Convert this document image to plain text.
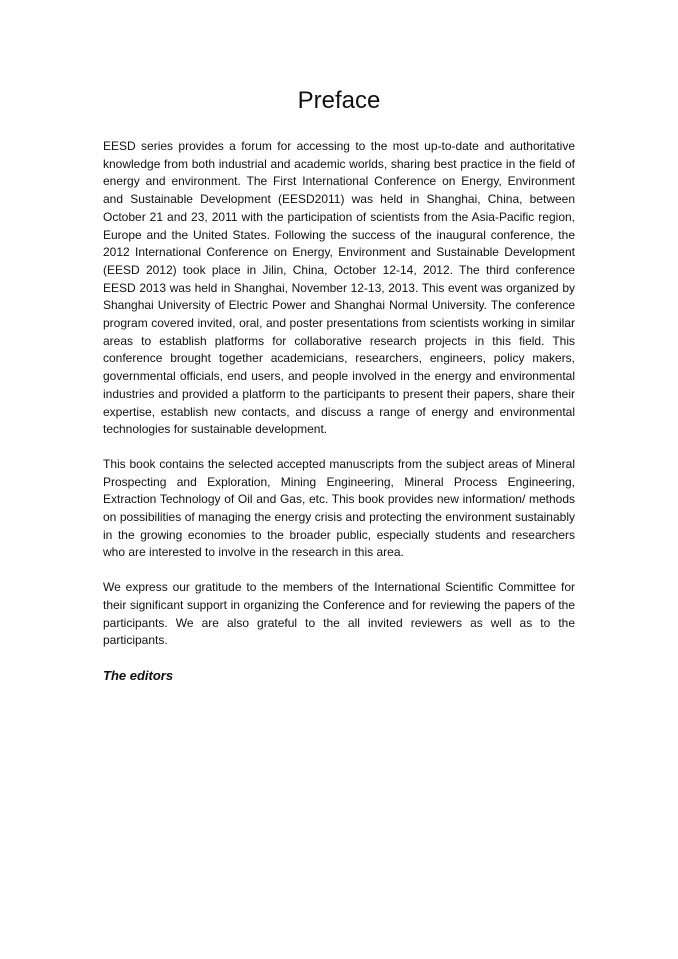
Preface

EESD series provides a forum for accessing to the most up-to-date and authoritative knowledge from both industrial and academic worlds, sharing best practice in the field of energy and environment. The First International Conference on Energy, Environment and Sustainable Development (EESD2011) was held in Shanghai, China, between October 21 and 23, 2011 with the participation of scientists from the Asia-Pacific region, Europe and the United States. Following the success of the inaugural conference, the 2012 International Conference on Energy, Environment and Sustainable Development (EESD 2012) took place in Jilin, China, October 12-14, 2012. The third conference EESD 2013 was held in Shanghai, November 12-13, 2013. This event was organized by Shanghai University of Electric Power and Shanghai Normal University. The conference program covered invited, oral, and poster presentations from scientists working in similar areas to establish platforms for collaborative research projects in this field. This conference brought together academicians, researchers, engineers, policy makers, governmental officials, end users, and people involved in the energy and environmental industries and provided a platform to the participants to present their papers, share their expertise, establish new contacts, and discuss a range of energy and environmental technologies for sustainable development.

This book contains the selected accepted manuscripts from the subject areas of Mineral Prospecting and Exploration, Mining Engineering, Mineral Process Engineering, Extraction Technology of Oil and Gas, etc. This book provides new information/ methods on possibilities of managing the energy crisis and protecting the environment sustainably in the growing economies to the broader public, especially students and researchers who are interested to involve in the research in this area.

We express our gratitude to the members of the International Scientific Committee for their significant support in organizing the Conference and for reviewing the papers of the participants. We are also grateful to the all invited reviewers as well as to the participants.

The editors
